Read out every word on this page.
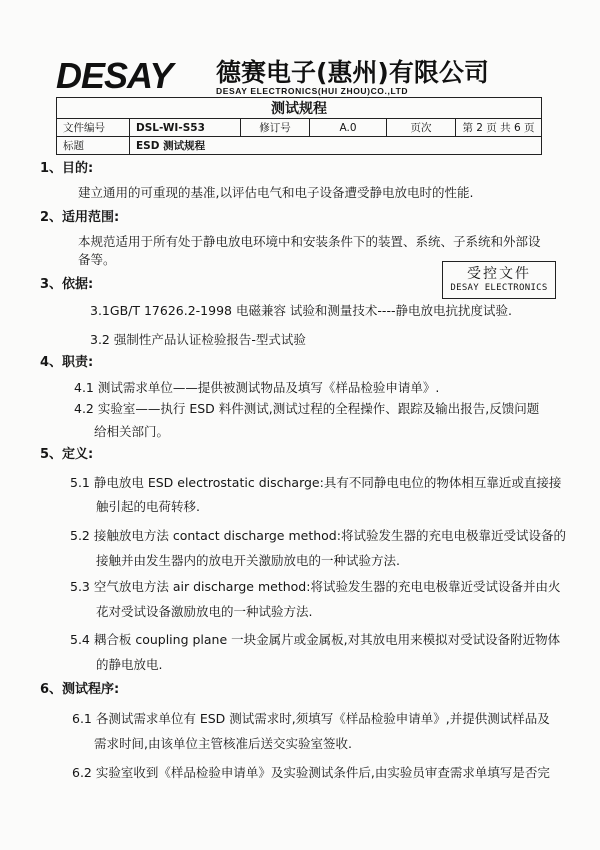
DESAY 德赛电子(惠州)有限公司
DESAY ELECTRONICS(HUI ZHOU)CO.,LTD
测试规程					
文件编号	DSL-WI-S53	修订号	A.0	页次	第 2 页 共 6 页
标题	ESD 测试规程				
受控文件
DESAY ELECTRONICS
1、目的:
建立通用的可重现的基准,以评估电气和电子设备遭受静电放电时的性能.
2、适用范围:
本规范适用于所有处于静电放电环境中和安装条件下的装置、系统、子系统和外部设
备等。
3、依据:
3.1GB/T 17626.2-1998 电磁兼容 试验和测量技术----静电放电抗扰度试验.
3.2 强制性产品认证检验报告-型式试验
4、职责:
4.1 测试需求单位——提供被测试物品及填写《样品检验申请单》.
4.2 实验室——执行 ESD 料件测试,测试过程的全程操作、跟踪及输出报告,反馈问题
给相关部门。
5、定义:
5.1 静电放电 ESD electrostatic discharge:具有不同静电电位的物体相互靠近或直接接
触引起的电荷转移.
5.2 接触放电方法 contact discharge method:将试验发生器的充电电极靠近受试设备的
接触并由发生器内的放电开关激励放电的一种试验方法.
5.3 空气放电方法 air discharge method:将试验发生器的充电电极靠近受试设备并由火
花对受试设备激励放电的一种试验方法.
5.4 耦合板 coupling plane 一块金属片或金属板,对其放电用来模拟对受试设备附近物体
的静电放电.
6、测试程序:
6.1 各测试需求单位有 ESD 测试需求时,须填写《样品检验申请单》,并提供测试样品及
需求时间,由该单位主管核准后送交实验室签收.
6.2 实验室收到《样品检验申请单》及实验测试条件后,由实验员审查需求单填写是否完
